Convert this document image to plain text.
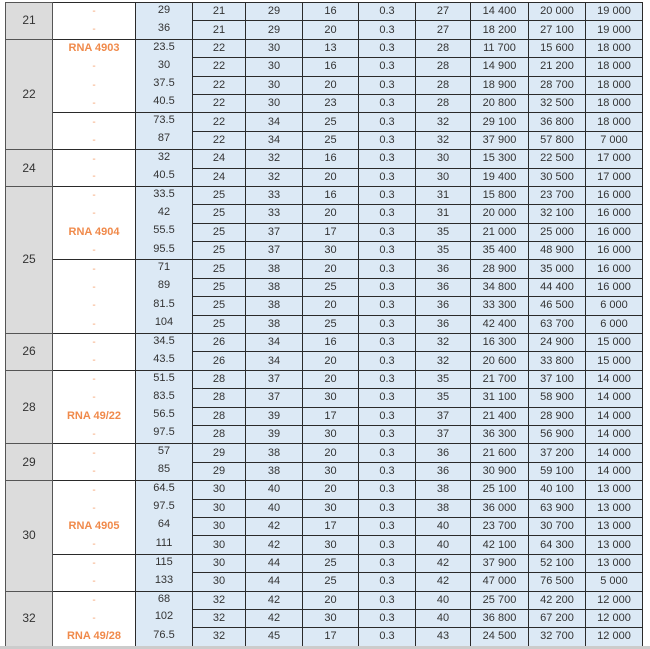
21	-	29	21	29	16	0.3	27	14 400	20 000	19 000
	-	36	21	29	20	0.3	27	18 200	27 100	19 000
22	RNA 4903	23.5	22	30	13	0.3	28	11 700	15 600	18 000
	-	30	22	30	16	0.3	28	14 900	21 200	18 000
	-	37.5	22	30	20	0.3	28	18 900	28 700	18 000
	-	40.5	22	30	23	0.3	28	20 800	32 500	18 000
	-	73.5	22	34	25	0.3	32	29 100	36 800	18 000
	-	87	22	34	25	0.3	32	37 900	57 800	7 000
24	-	32	24	32	16	0.3	30	15 300	22 500	17 000
	-	40.5	24	32	20	0.3	30	19 400	30 500	17 000
25	-	33.5	25	33	16	0.3	31	15 800	23 700	16 000
	-	42	25	33	20	0.3	31	20 000	32 100	16 000
	RNA 4904	55.5	25	37	17	0.3	35	21 000	25 000	16 000
	-	95.5	25	37	30	0.3	35	35 400	48 900	16 000
	-	71	25	38	20	0.3	36	28 900	35 000	16 000
	-	89	25	38	25	0.3	36	34 800	44 400	16 000
	-	81.5	25	38	20	0.3	36	33 300	46 500	6 000
	-	104	25	38	25	0.3	36	42 400	63 700	6 000
26	-	34.5	26	34	16	0.3	32	16 300	24 900	15 000
	-	43.5	26	34	20	0.3	32	20 600	33 800	15 000
28	-	51.5	28	37	20	0.3	35	21 700	37 100	14 000
	-	83.5	28	37	30	0.3	35	31 100	58 900	14 000
	RNA 49/22	56.5	28	39	17	0.3	37	21 400	28 900	14 000
	-	97.5	28	39	30	0.3	37	36 300	56 900	14 000
29	-	57	29	38	20	0.3	36	21 600	37 200	14 000
	-	85	29	38	30	0.3	36	30 900	59 100	14 000
30	-	64.5	30	40	20	0.3	38	25 100	40 100	13 000
	-	97.5	30	40	30	0.3	38	36 000	63 900	13 000
	RNA 4905	64	30	42	17	0.3	40	23 700	30 700	13 000
	-	111	30	42	30	0.3	40	42 100	64 300	13 000
	-	115	30	44	25	0.3	42	37 900	52 100	13 000
	-	133	30	44	25	0.3	42	47 000	76 500	5 000
32	-	68	32	42	20	0.3	40	25 700	42 200	12 000
	-	102	32	42	30	0.3	40	36 800	67 200	12 000
	RNA 49/28	76.5	32	45	17	0.3	43	24 500	32 700	12 000
